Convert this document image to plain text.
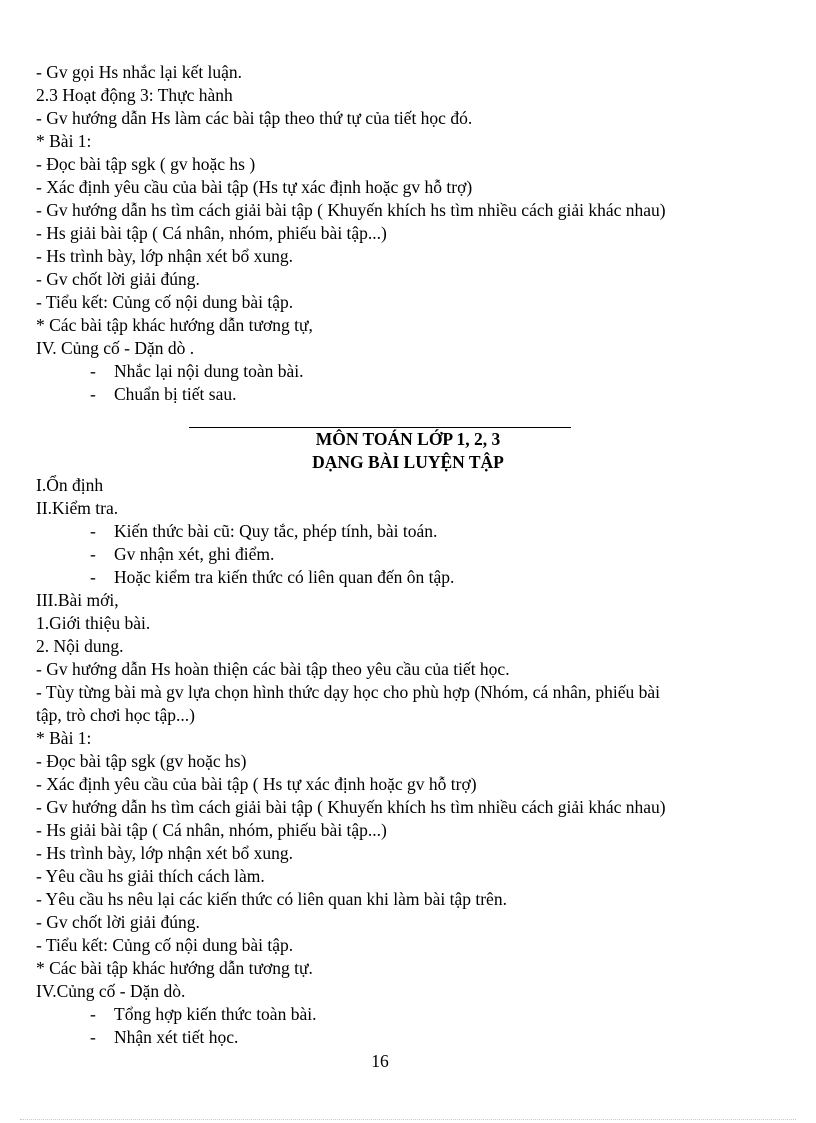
- Gv gọi Hs nhắc lại kết luận.
2.3 Hoạt động 3: Thực hành
- Gv hướng dẫn Hs làm các bài tập theo thứ tự của tiết học đó.
* Bài 1:
- Đọc bài tập sgk ( gv hoặc hs )
- Xác định yêu cầu của bài tập (Hs tự xác định hoặc gv hỗ trợ)
- Gv hướng dẫn hs tìm cách giải bài tập ( Khuyến khích hs tìm nhiều cách giải khác nhau)
- Hs giải bài tập ( Cá nhân, nhóm, phiếu bài tập...)
- Hs trình bày, lớp nhận xét bổ xung.
- Gv chốt lời giải đúng.
- Tiểu kết: Củng cố nội dung bài tập.
* Các bài tập khác hướng dẫn tương tự,
IV. Củng cố - Dặn dò .
- Nhắc lại nội dung toàn bài.
- Chuẩn bị tiết sau.
MÔN TOÁN LỚP 1, 2, 3
DẠNG BÀI LUYỆN TẬP
I.Ổn định
II.Kiểm tra.
- Kiến thức bài cũ: Quy tắc, phép tính, bài toán.
- Gv nhận xét, ghi điểm.
- Hoặc kiểm tra kiến thức có liên quan đến ôn tập.
III.Bài mới,
1.Giới thiệu bài.
2. Nội dung.
- Gv hướng dẫn Hs hoàn thiện các bài tập theo yêu cầu của tiết học.
- Tùy từng bài mà gv lựa chọn hình thức dạy học cho phù hợp (Nhóm, cá nhân, phiếu bài
tập, trò chơi học tập...)
* Bài 1:
- Đọc bài tập sgk (gv hoặc hs)
- Xác định yêu cầu của bài tập ( Hs tự xác định hoặc gv hỗ trợ)
- Gv hướng dẫn hs tìm cách giải bài tập ( Khuyến khích hs tìm nhiều cách giải khác nhau)
- Hs giải bài tập ( Cá nhân, nhóm, phiếu bài tập...)
- Hs trình bày, lớp nhận xét bổ xung.
- Yêu cầu hs giải thích cách làm.
- Yêu cầu hs nêu lại các kiến thức có liên quan khi làm bài tập trên.
- Gv chốt lời giải đúng.
- Tiểu kết: Củng cố nội dung bài tập.
* Các bài tập khác hướng dẫn tương tự.
IV.Củng cố - Dặn dò.
- Tổng hợp kiến thức toàn bài.
- Nhận xét tiết học.
16
